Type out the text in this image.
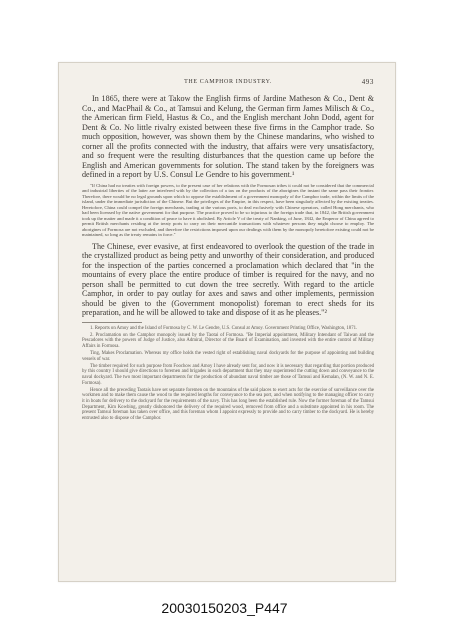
THE CAMPHOR INDUSTRY.	493

In 1865, there were at Takow the English firms of Jardine Matheson & Co., Dent & Co., and MacPhail & Co., at Tamsui and Kelung, the German firm James Milisch & Co., the American firm Field, Hastus & Co., and the English merchant John Dodd, agent for Dent & Co. No little rivalry existed between these five firms in the Camphor trade. So much opposition, however, was shown them by the Chinese mandarins, who wished to corner all the profits connected with the industry, that affairs were very unsatisfactory, and so frequent were the resulting disturbances that the question came up before the English and American governments for solution. The stand taken by the foreigners was defined in a report by U.S. Consul Le Gendre to his government.¹

"If China had no treaties with foreign powers, to the present case of her relations with the Formosan tribes it could not be considered that the commercial and industrial liberties of the latter are interfered with by the collection of a tax on the products of the aborigines the instant the same pass their frontier. Therefore, there would be no legal grounds upon which to oppose the establishment of a government monopoly of the Camphor trade, within the limits of the island, under the immediate jurisdiction of the Chinese. But the privileges of the Empire, in this respect, have been singularly affected by the existing treaties. Heretofore, China could compel the foreign merchants, trading at the various ports, to deal exclusively with Chinese operators, called Hong merchants, who had been licensed by the native government for that purpose. The practice proved to be so injurious to the foreign trade that, in 1842, the British government took up the matter and made it a condition of peace to have it abolished. By Article V of the treaty of Nanking, of June, 1842, the Emperor of China agreed to permit British merchants residing at the treaty ports to carry on their mercantile transactions with whatever persons they might choose to employ. The aborigines of Formosa are not excluded, and therefore the restrictions imposed upon our dealings with them by the monopoly heretofore existing could not be maintained, so long as the treaty remains in force."

The Chinese, ever evasive, at first endeavored to overlook the question of the trade in the crystallized product as being petty and unworthy of their consideration, and produced for the inspection of the parties concerned a proclamation which declared that "in the mountains of every place the entire produce of timber is required for the navy, and no person shall be permitted to cut down the tree secretly. With regard to the article Camphor, in order to pay outlay for axes and saws and other implements, permission should be given to the (Government monopolist) foreman to erect sheds for its preparation, and he will be allowed to take and dispose of it as he pleases."²

1. Reports on Amoy and the Island of Formosa by C. W. Le Gendre, U.S. Consul at Amoy. Government Printing Office, Washington, 1871.

2. Proclamation on the Camphor monopoly issued by the Taotai of Formosa. "Be Imperial appointment, Military Intendant of Taiwan and the Pescadores with the powers of Judge of Justice, also Admiral, Director of the Board of Examination, and invested with the entire control of Military Affairs in Formosa.

Ting, Makes Proclamation. Whereas my office holds the vested right of establishing naval dockyards for the purpose of appointing and building vessels of war.

The timber required for such purpose from Foochow and Amoy I have already sent for, and now it is necessary that regarding that portion produced by this country I should give directions to foremen and brigades in each department that they may superintend the cutting down and conveyance to the naval dockyard. The two most important departments for the production of abundant naval timber are those of Tamsui and Kemalan, (N. W. and N. E. Formosa).

Hence all the preceding Taotais have set separate foremen on the mountains of the said places to exert acts for the exercise of surveillance over the workmen and to make them cause the wood to the required lengths for conveyance to the sea port, and when notifying to the managing officer to carry it in boats for delivery to the dockyard for the requirements of the navy. This has long been the established rule. Now the former foreman of the Tamsui Department, Kim Kowbing, greatly dishonored the delivery of the required wood, removed from office and a substitute appointed in his room. The present Tamsui foreman has taken over office, and this foreman whom I appoint expressly to provide and to carry timber to the dockyard. He is hereby entrusted also to dispose of the Camphor.

20030150203_P447
